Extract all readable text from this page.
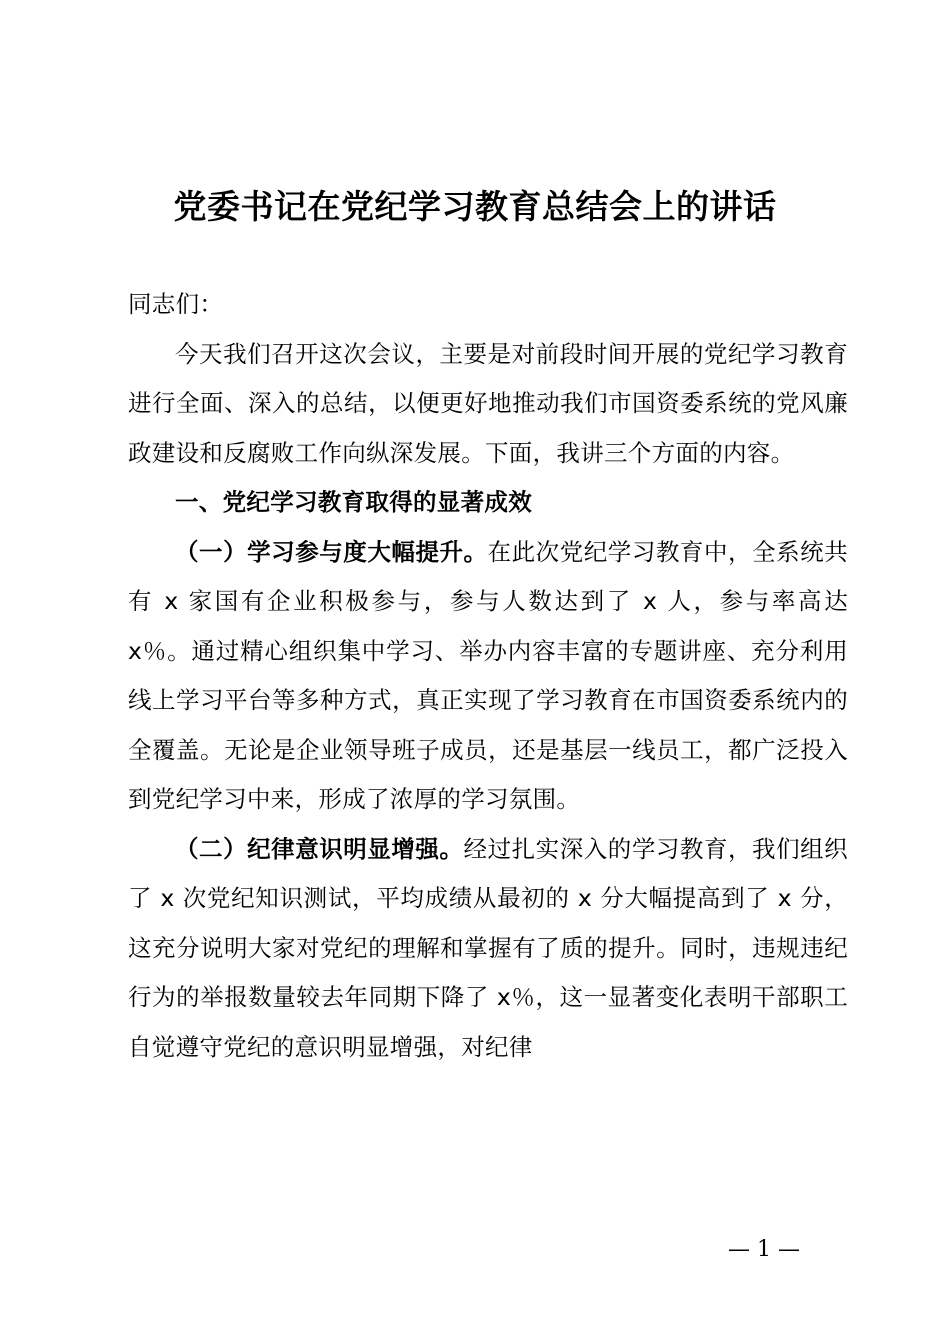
党委书记在党纪学习教育总结会上的讲话

同志们：

今天我们召开这次会议，主要是对前段时间开展的党纪学习教育进行全面、深入的总结，以便更好地推动我们市国资委系统的党风廉政建设和反腐败工作向纵深发展。下面，我讲三个方面的内容。

一、党纪学习教育取得的显著成效

（一）学习参与度大幅提升。在此次党纪学习教育中，全系统共有 x 家国有企业积极参与，参与人数达到了 x 人，参与率高达 x％。通过精心组织集中学习、举办内容丰富的专题讲座、充分利用线上学习平台等多种方式，真正实现了学习教育在市国资委系统内的全覆盖。无论是企业领导班子成员，还是基层一线员工，都广泛投入到党纪学习中来，形成了浓厚的学习氛围。

（二）纪律意识明显增强。经过扎实深入的学习教育，我们组织了 x 次党纪知识测试，平均成绩从最初的 x 分大幅提高到了 x 分，这充分说明大家对党纪的理解和掌握有了质的提升。同时，违规违纪行为的举报数量较去年同期下降了 x％，这一显著变化表明干部职工自觉遵守党纪的意识明显增强，对纪律

— 1 —
